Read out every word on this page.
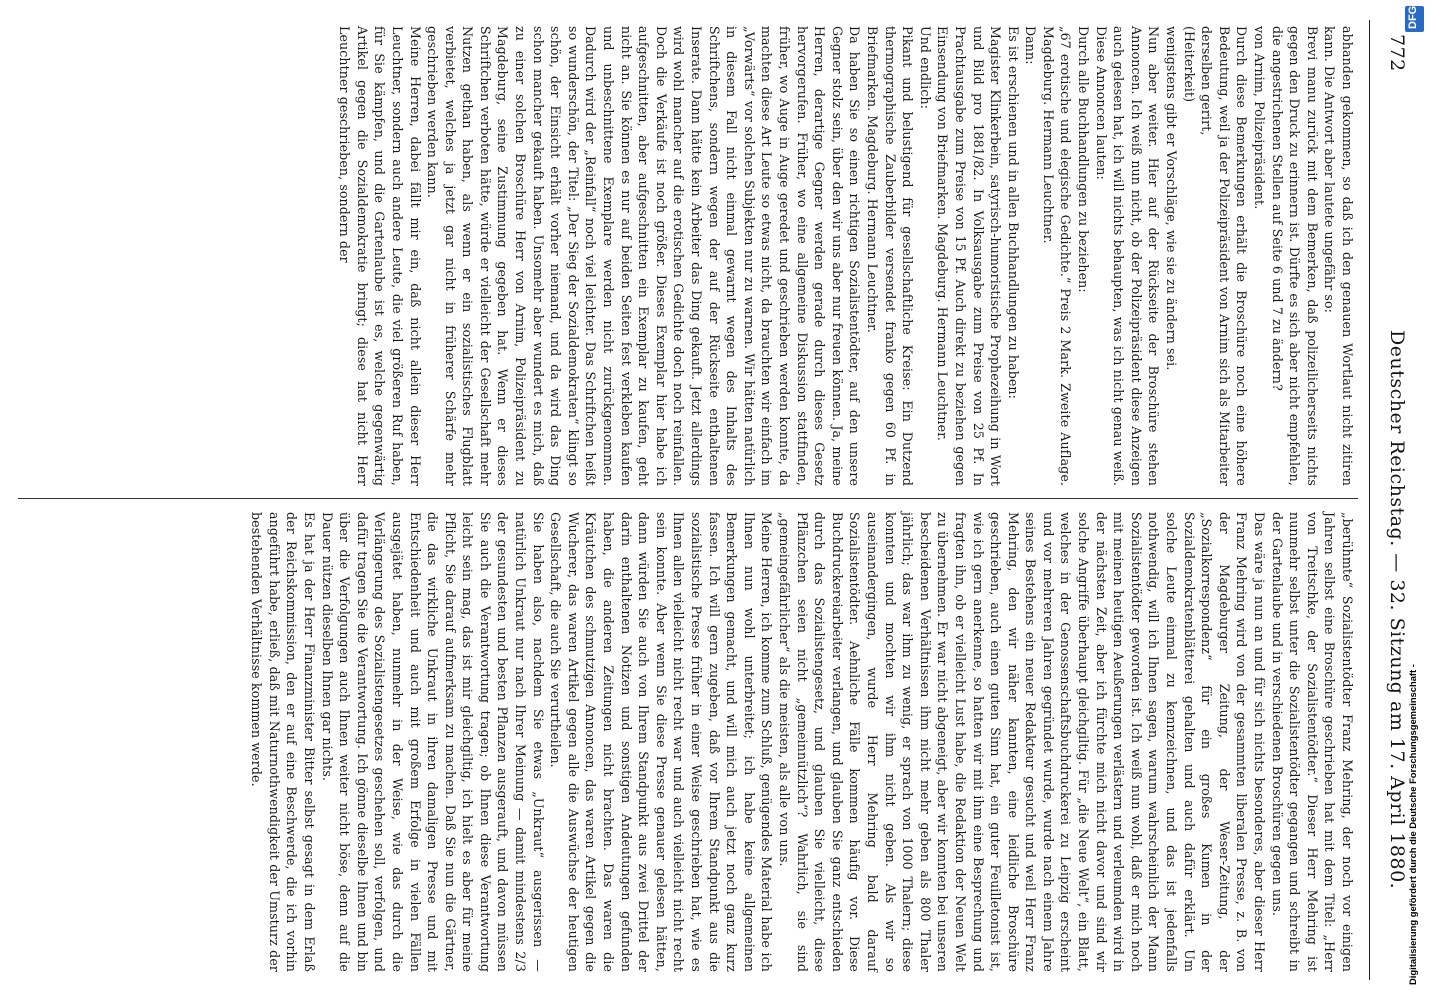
772
Deutscher Reichstag. — 32. Sitzung am 17. April 1880.
abhanden gekommen, so daß ich den genauen Wortlaut nicht zitiren kann. Die Antwort aber lautete ungefähr so:
Brevi manu zurück mit dem Bemerken, daß polizeilicherseits nichts gegen den Druck zu erinnern ist. Dürfte es sich aber nicht empfehlen, die angestrichenen Stellen auf Seite 6 und 7 zu ändern?
von Arnim, Polizeipräsident.
Durch diese Bemerkungen erhält die Broschüre noch eine höhere Bedeutung, weil ja der Polizeipräsident von Arnim sich als Mitarbeiter derselben gerirt,
(Heiterkeit)
wenigstens gibt er Vorschläge, wie sie zu ändern sei.
Nun aber weiter. Hier auf der Rückseite der Broschüre stehen Annoncen. Ich weiß nun nicht, ob der Polizeipräsident diese Anzeigen auch gelesen hat, ich will nichts behaupten, was ich nicht genau weiß. Diese Annoncen lauten:
Durch alle Buchhandlungen zu beziehen:
„67 erotische und elegische Gedichte.“ Preis 2 Mark. Zweite Auflage. Magdeburg. Hermann Leuchtner.
Dann:
Es ist erschienen und in allen Buchhandlungen zu haben:
Magister Klinkerbein, satyrisch-humoristische Prophezeihung in Wort und Bild pro 1881/82. In Volksausgabe zum Preise von 25 Pf. In Prachtausgabe zum Preise von 15 Pf. Auch direkt zu beziehen gegen Einsendung von Briefmarken. Magdeburg. Hermann Leuchtner.
Und endlich:
Pikant und belustigend für gesellschaftliche Kreise: Ein Dutzend thermographische Zauberbilder versendet franko gegen 60 Pf. in Briefmarken. Magdeburg. Hermann Leuchtner.
Da haben Sie so einen richtigen Sozialistentödter, auf den unsere Gegner stolz sein, über den wir uns aber nur freuen können. Ja, meine Herren, derartige Gegner werden gerade durch dieses Gesetz hervorgerufen. Früher, wo eine allgemeine Diskussion stattfinden, früher, wo Auge in Auge geredet und geschrieben werden konnte, da machten diese Art Leute so etwas nicht, da brauchten wir einfach im „Vorwärts“ vor solchen Subjekten nur zu warnen. Wir hätten natürlich in diesem Fall nicht einmal gewarnt wegen des Inhalts des Schriftchens, sondern wegen der auf der Rückseite enthaltenen Inserate. Dann hätte kein Arbeiter das Ding gekauft. Jetzt allerdings wird wohl mancher auf die erotischen Gedichte doch noch reinfallen. Doch die Verkäufe ist noch größer. Dieses Exemplar hier habe ich aufgeschnitten, aber aufgeschnitten ein Exemplar zu kaufen, geht nicht an. Sie können es nur auf beiden Seiten fest verkleben kaufen und unbeschnittene Exemplare werden nicht zurückgenommen. Dadurch wird der „Reinfall“ noch viel leichter. Das Schriftchen heißt so wunderschön, der Titel: „Der Sieg der Sozialdemokraten“ klingt so schön, der Einsicht erhält vorher niemand, und da wird das Ding schon mancher gekauft haben. Unsomehr aber wundert es mich, daß zu einer solchen Broschüre Herr von Arnim, Polizeipräsident zu Magdeburg, seine Zustimmung gegeben hat. Wenn er dieses Schriftchen verboten hätte, würde er vielleicht der Gesellschaft mehr Nutzen gethan haben, als wenn er ein sozialistisches Flugblatt verbietet, welches ja jetzt gar nicht in früherer Schärfe mehr geschrieben werden kann.
Meine Herren, dabei fällt mir ein, daß nicht allein dieser Herr Leuchtner, sondern auch andere Leute, die viel größeren Ruf haben, für Sie kämpfen, und die Gartenlaube ist es, welche gegenwärtig Artikel gegen die Sozialdemokratie bringt; diese hat nicht Herr Leuchtner geschrieben, sondern der
„berühmte“ Sozialistentödter Franz Mehring, der noch vor einigen Jahren selbst eine Broschüre geschrieben hat mit dem Titel: „Herr von Treitschke, der Sozialistentödter.“ Dieser Herr Mehring ist nunmehr selbst unter die Sozialistentödter gegangen und schreibt in der Gartenlaube und in verschiedenen Broschüren gegen uns.
Das wäre ja nun an und für sich nichts besonderes, aber dieser Herr Franz Mehring wird von der gesammten liberalen Presse, z. B. von der Magdeburger Zeitung, der Weser-Zeitung, der „Sozialkorrespondenz“ für ein großes Kumen in der Sozialdemokratenblätterei gehalten und auch dafür erklärt. Um solche Leute einmal zu kennzeichnen, und das ist jedenfalls nothwendig, will ich Ihnen sagen, warum wahrscheinlich der Mann Sozialistentödter geworden ist. Ich weiß nun wohl, daß er mich noch mit meinen heutigen Aeußerungen verlästern und verleumden wird in der nächsten Zeit, aber ich fürchte mich nicht davor und sind wir solche Angriffe überhaupt gleichgiltig. Für „die Neue Welt“, ein Blatt, welches in der Genossenschaftsbuchdruckerei zu Leipzig erscheint und vor mehreren Jahren gegründet wurde, wurde nach einem Jahre seines Bestehens ein neuer Redakteur gesucht und weil Herr Franz Mehring, den wir näher kannten, eine leidliche Broschüre geschrieben, auch einen guten Sinn hat, ein guter Feuilletonist ist, wie ich gern anerkenne, so hatten wir mit ihm eine Besprechung und fragten ihn, ob er vielleicht Lust habe, die Redaktion der Neuen Welt zu übernehmen. Er war nicht abgeneigt, aber wir konnten bei unseren bescheidenen Verhältnissen ihm nicht mehr geben als 800 Thaler jährlich; das war ihm zu wenig, er sprach von 1000 Thalern; diese konnten und mochten wir ihm nicht geben. Als wir so auseinandergingen, wurde Herr Mehring bald darauf Sozialistentödter. Aehnliche Fälle kommen häufig vor. Diese Buchdruckereiarbeiter verlangen, und glauben Sie ganz entschieden durch das Sozialistengesetz, und glauben Sie vielleicht, diese Pflänzchen seien nicht „gemeinnützlich“? Wahrlich, sie sind „gemeingefährlicher“ als die meisten, als alle von uns.
Meine Herren, ich komme zum Schluß, genügendes Material habe ich Ihnen nun wohl unterbreitet; ich habe keine allgemeinen Bemerkungen gemacht, und will mich auch jetzt noch ganz kurz fassen. Ich will gern zugeben, daß vor Ihrem Standpunkt aus die sozialistische Presse früher in einer Weise geschrieben hat, wie es Ihnen allen vielleicht nicht recht war und auch vielleicht nicht recht sein konnte. Aber wenn Sie diese Presse genauer gelesen hätten, dann würden Sie auch von Ihrem Standpunkt aus zwei Drittel der darin enthaltenen Notizen und sonstigen Andeutungen gefunden haben, die anderen Zeitungen nicht brachten. Das waren die Kräutchen des schmutzigen Annoncen, das waren Artikel gegen die Wucherer, das waren Artikel gegen alle die Auswüchse der heutigen Gesellschaft, die auch Sie verurtheilen.
Sie haben also, nachdem Sie etwas „Unkraut“ ausgerissen — natürlich Unkraut nur nach Ihrer Meinung — damit mindestens 2/3 der gesundesten und besten Pflanzen ausgerauft, und davon müssen Sie auch die Verantwortung tragen; ob Ihnen diese Verantwortung leicht sein mag, das ist mir gleichgiltig, ich hielt es aber für meine Pflicht, Sie darauf aufmerksam zu machen. Daß Sie nun die Gärtner, die das wirkliche Unkraut in ihren damaligen Presse und mit Entschiedenheit und auch mit großem Erfolge in vielen Fällen ausgejätet haben, nunmehr in der Weise, wie das durch die Verlängerung des Sozialistengesetzes geschehen soll, verfolgen, und dafür tragen Sie die Verantwortung. Ich gönne dieselbe Ihnen und bin über die Verfolgungen auch Ihnen weiter nicht böse, denn auf die Dauer nützen dieselben Ihnen gar nichts.
Es hat ja der Herr Finanzminister Bitter selbst gesagt in dem Erlaß der Reichskommission, den er auf eine Beschwerde, die ich vorhin angeführt habe, erließ, daß mit Naturnothwendigkeit der Umsturz der bestehenden Verhältnisse kommen werde.	Digitalisierung gefördert durch die Deutsche Forschungsgemeinschaft -
DFG
